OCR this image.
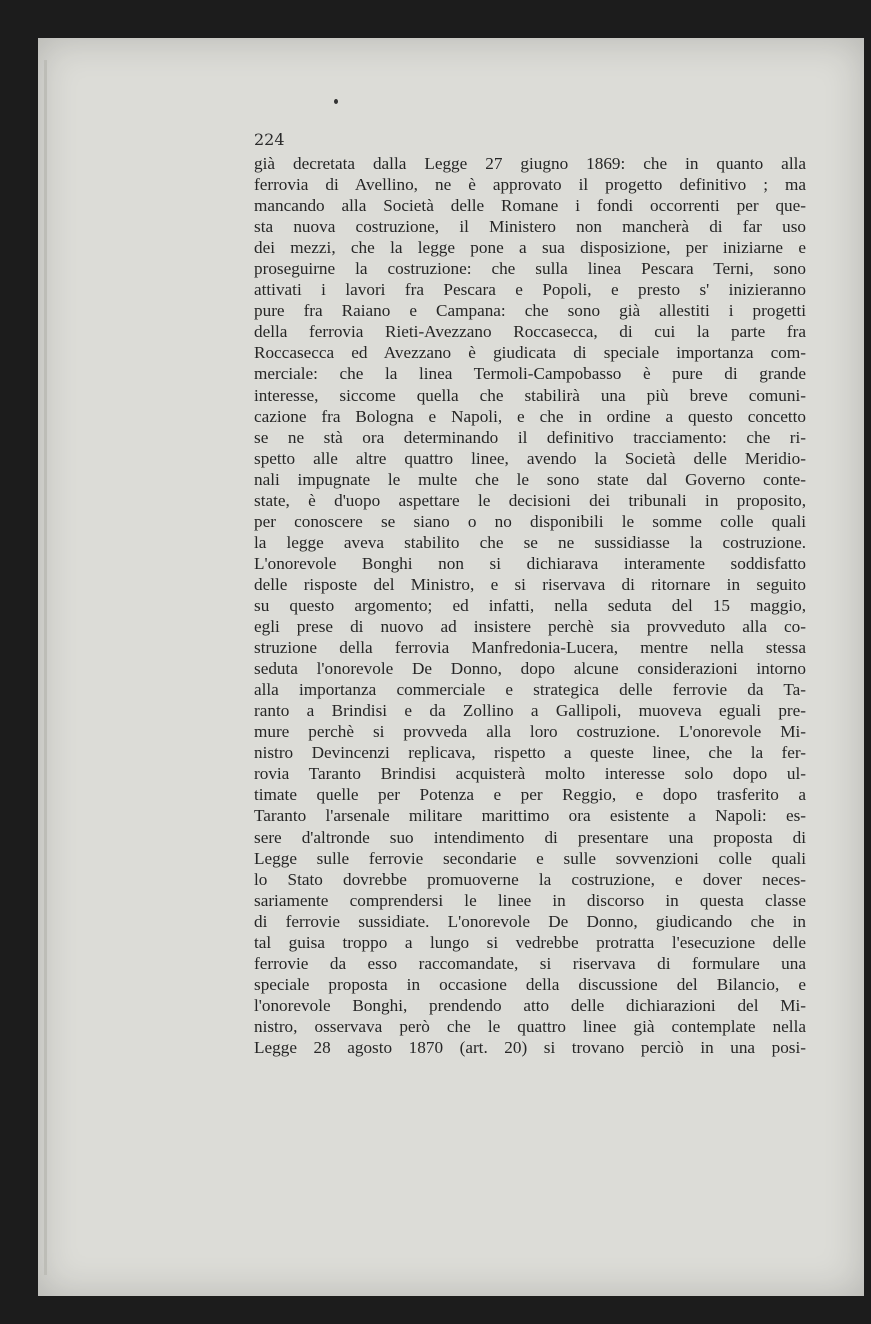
224
già decretata dalla Legge 27 giugno 1869: che in quanto alla
ferrovia di Avellino, ne è approvato il progetto definitivo ; ma
mancando alla Società delle Romane i fondi occorrenti per que-
sta nuova costruzione, il Ministero non mancherà di far uso
dei mezzi, che la legge pone a sua disposizione, per iniziarne e
proseguirne la costruzione: che sulla linea Pescara Terni, sono
attivati i lavori fra Pescara e Popoli, e presto s' inizieranno
pure fra Raiano e Campana: che sono già allestiti i progetti
della ferrovia Rieti-Avezzano Roccasecca, di cui la parte fra
Roccasecca ed Avezzano è giudicata di speciale importanza com-
merciale: che la linea Termoli-Campobasso è pure di grande
interesse, siccome quella che stabilirà una più breve comuni-
cazione fra Bologna e Napoli, e che in ordine a questo concetto
se ne stà ora determinando il definitivo tracciamento: che ri-
spetto alle altre quattro linee, avendo la Società delle Meridio-
nali impugnate le multe che le sono state dal Governo conte-
state, è d'uopo aspettare le decisioni dei tribunali in proposito,
per conoscere se siano o no disponibili le somme colle quali
la legge aveva stabilito che se ne sussidiasse la costruzione.
L'onorevole Bonghi non si dichiarava interamente soddisfatto
delle risposte del Ministro, e si riservava di ritornare in seguito
su questo argomento; ed infatti, nella seduta del 15 maggio,
egli prese di nuovo ad insistere perchè sia provveduto alla co-
struzione della ferrovia Manfredonia-Lucera, mentre nella stessa
seduta l'onorevole De Donno, dopo alcune considerazioni intorno
alla importanza commerciale e strategica delle ferrovie da Ta-
ranto a Brindisi e da Zollino a Gallipoli, muoveva eguali pre-
mure perchè si provveda alla loro costruzione. L'onorevole Mi-
nistro Devincenzi replicava, rispetto a queste linee, che la fer-
rovia Taranto Brindisi acquisterà molto interesse solo dopo ul-
timate quelle per Potenza e per Reggio, e dopo trasferito a
Taranto l'arsenale militare marittimo ora esistente a Napoli: es-
sere d'altronde suo intendimento di presentare una proposta di
Legge sulle ferrovie secondarie e sulle sovvenzioni colle quali
lo Stato dovrebbe promuoverne la costruzione, e dover neces-
sariamente comprendersi le linee in discorso in questa classe
di ferrovie sussidiate. L'onorevole De Donno, giudicando che in
tal guisa troppo a lungo si vedrebbe protratta l'esecuzione delle
ferrovie da esso raccomandate, si riservava di formulare una
speciale proposta in occasione della discussione del Bilancio, e
l'onorevole Bonghi, prendendo atto delle dichiarazioni del Mi-
nistro, osservava però che le quattro linee già contemplate nella
Legge 28 agosto 1870 (art. 20) si trovano perciò in una posi-
